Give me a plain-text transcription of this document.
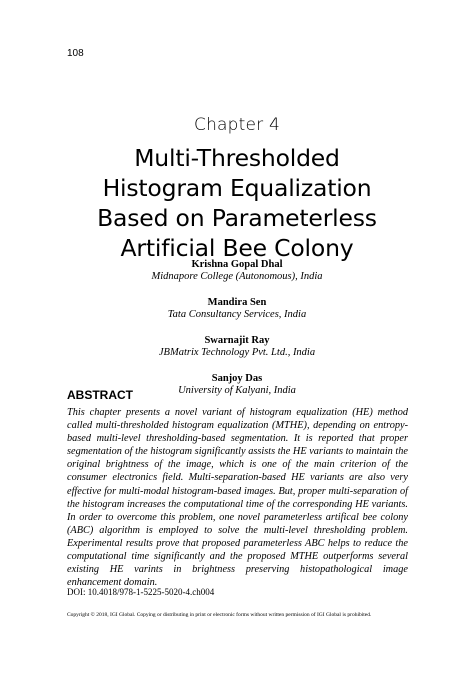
108
Chapter 4
Multi-Thresholded
Histogram Equalization
Based on Parameterless
Artificial Bee Colony
Krishna Gopal Dhal
Midnapore College (Autonomous), India
Mandira Sen
Tata Consultancy Services, India
Swarnajit Ray
JBMatrix Technology Pvt. Ltd., India
Sanjoy Das
University of Kalyani, India
ABSTRACT
This chapter presents a novel variant of histogram equalization (HE) method called multi-thresholded histogram equalization (MTHE), depending on entropy-based multi-level thresholding-based segmentation. It is reported that proper segmentation of the histogram significantly assists the HE variants to maintain the original brightness of the image, which is one of the main criterion of the consumer electronics field. Multi-separation-based HE variants are also very effective for multi-modal histogram-based images. But, proper multi-separation of the histogram increases the computational time of the corresponding HE variants. In order to overcome this problem, one novel parameterless artifical bee colony (ABC) algorithm is employed to solve the multi-level thresholding problem. Experimental results prove that proposed parameterless ABC helps to reduce the computational time significantly and the proposed MTHE outperforms several existing HE varints in brightness preserving histopathological image enhancement domain.
DOI: 10.4018/978-1-5225-5020-4.ch004
Copyright © 2018, IGI Global. Copying or distributing in print or electronic forms without written permission of IGI Global is prohibited.
